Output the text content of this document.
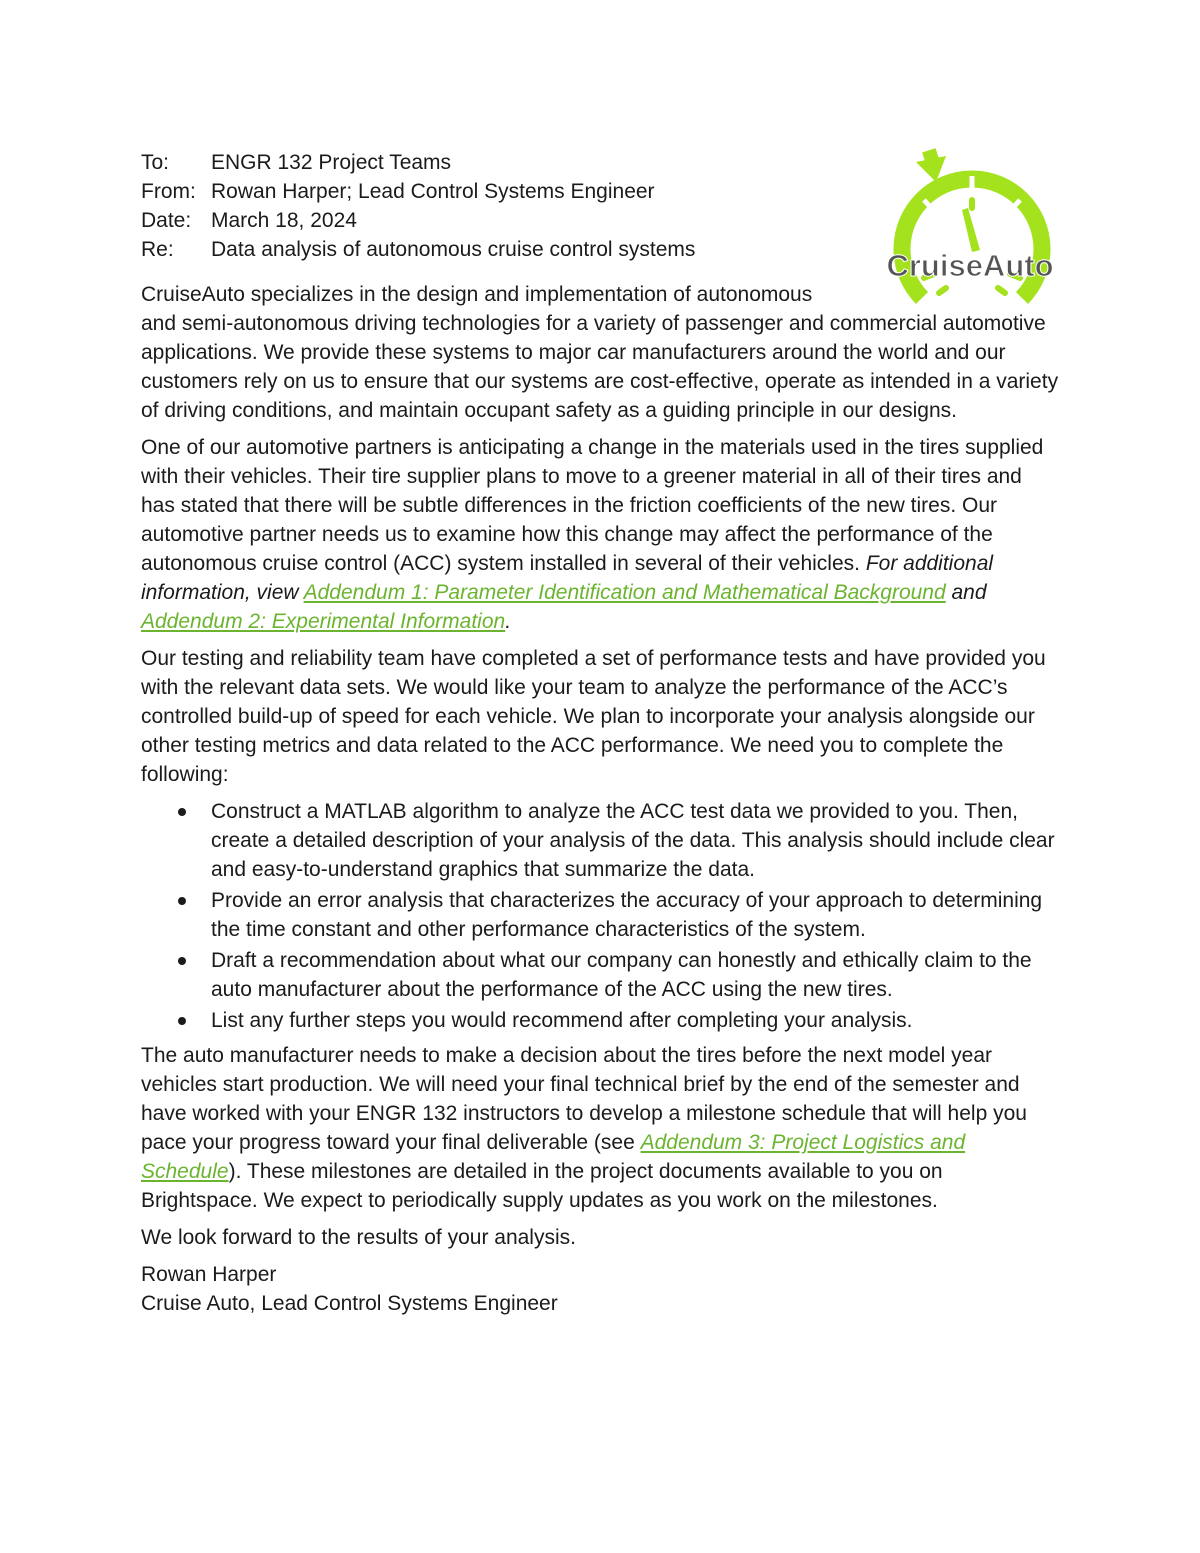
CruiseAuto
To:	ENGR 132 Project Teams
From: Rowan Harper; Lead Control Systems Engineer
Date: March 18, 2024
Re:	Data analysis of autonomous cruise control systems

CruiseAuto specializes in the design and implementation of autonomous
and semi-autonomous driving technologies for a variety of passenger and commercial automotive applications. We provide these systems to major car manufacturers around the world and our customers rely on us to ensure that our systems are cost-effective, operate as intended in a variety of driving conditions, and maintain occupant safety as a guiding principle in our designs.

One of our automotive partners is anticipating a change in the materials used in the tires supplied with their vehicles. Their tire supplier plans to move to a greener material in all of their tires and has stated that there will be subtle differences in the friction coefficients of the new tires. Our automotive partner needs us to examine how this change may affect the performance of the autonomous cruise control (ACC) system installed in several of their vehicles. For additional information, view Addendum 1: Parameter Identification and Mathematical Background and Addendum 2: Experimental Information.

Our testing and reliability team have completed a set of performance tests and have provided you with the relevant data sets. We would like your team to analyze the performance of the ACC’s controlled build-up of speed for each vehicle. We plan to incorporate your analysis alongside our other testing metrics and data related to the ACC performance. We need you to complete the following:

Construct a MATLAB algorithm to analyze the ACC test data we provided to you. Then, create a detailed description of your analysis of the data. This analysis should include clear and easy-to-understand graphics that summarize the data.
Provide an error analysis that characterizes the accuracy of your approach to determining the time constant and other performance characteristics of the system.
Draft a recommendation about what our company can honestly and ethically claim to the auto manufacturer about the performance of the ACC using the new tires.
List any further steps you would recommend after completing your analysis.

The auto manufacturer needs to make a decision about the tires before the next model year vehicles start production. We will need your final technical brief by the end of the semester and have worked with your ENGR 132 instructors to develop a milestone schedule that will help you pace your progress toward your final deliverable (see Addendum 3: Project Logistics and Schedule). These milestones are detailed in the project documents available to you on Brightspace. We expect to periodically supply updates as you work on the milestones.

We look forward to the results of your analysis.

Rowan Harper
Cruise Auto, Lead Control Systems Engineer
